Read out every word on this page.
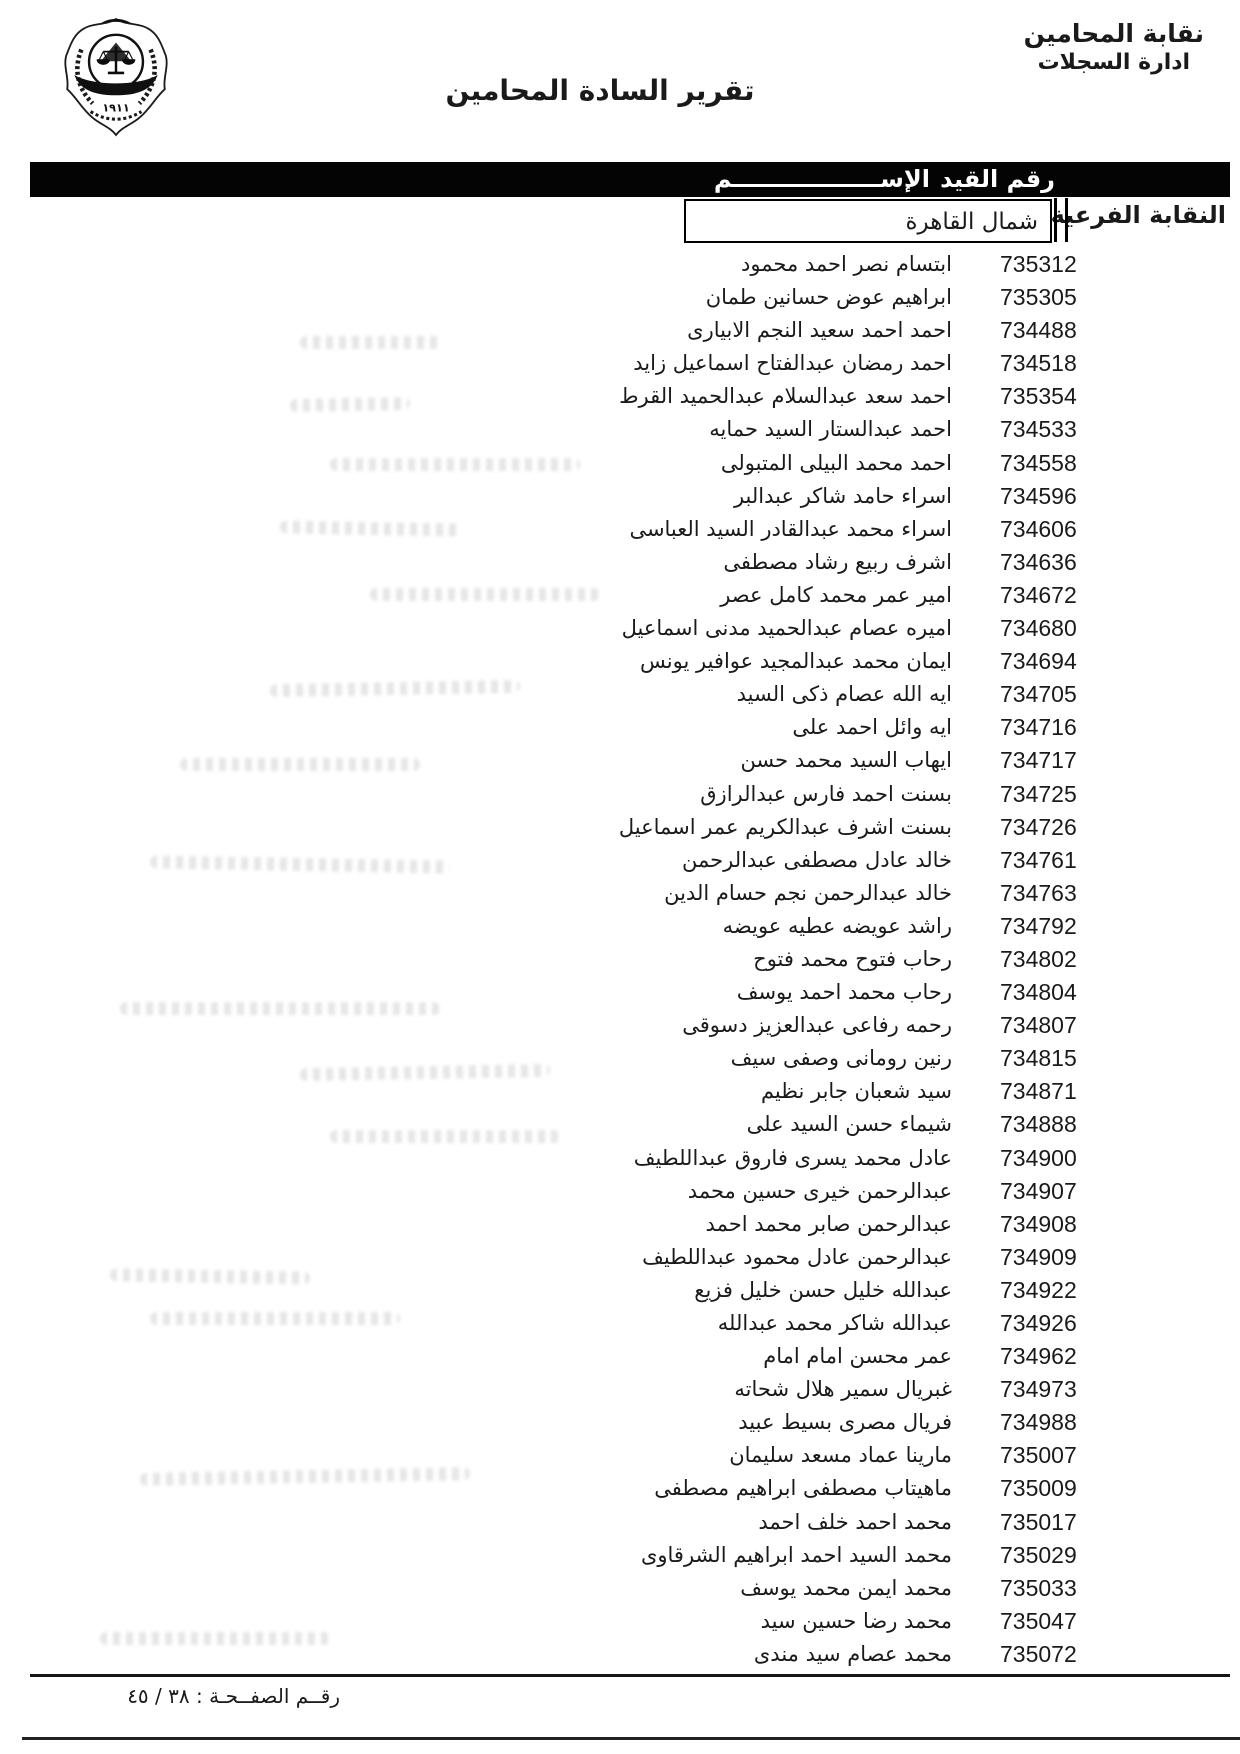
١٩١١
نقابة المحامين
ادارة السجلات
تقرير السادة المحامين
رقم القيد
الإســــــــــــــــــم
النقابة الفرعية
شمال القاهرة
ابتسام نصر احمد محمود 735312
ابراهيم عوض حسانين طمان 735305
احمد احمد سعيد النجم الابيارى 734488
احمد رمضان عبدالفتاح اسماعيل زايد 734518
احمد سعد عبدالسلام عبدالحميد القرط 735354
احمد عبدالستار السيد حمايه 734533
احمد محمد البيلى المتبولى 734558
اسراء حامد شاكر عبدالبر 734596
اسراء محمد عبدالقادر السيد العباسى 734606
اشرف ربيع رشاد مصطفى 734636
امير عمر محمد كامل عصر 734672
اميره عصام عبدالحميد مدنى اسماعيل 734680
ايمان محمد عبدالمجيد عوافير يونس 734694
ايه الله عصام ذكى السيد 734705
ايه وائل احمد على 734716
ايهاب السيد محمد حسن 734717
بسنت احمد فارس عبدالرازق 734725
بسنت اشرف عبدالكريم عمر اسماعيل 734726
خالد عادل مصطفى عبدالرحمن 734761
خالد عبدالرحمن نجم حسام الدين 734763
راشد عويضه عطيه عويضه 734792
رحاب فتوح محمد فتوح 734802
رحاب محمد احمد يوسف 734804
رحمه رفاعى عبدالعزيز دسوقى 734807
رنين رومانى وصفى سيف 734815
سيد شعبان جابر نظيم 734871
شيماء حسن السيد على 734888
عادل محمد يسرى فاروق عبداللطيف 734900
عبدالرحمن خيرى حسين محمد 734907
عبدالرحمن صابر محمد احمد 734908
عبدالرحمن عادل محمود عبداللطيف 734909
عبدالله خليل حسن خليل فزيع 734922
عبدالله شاكر محمد عبدالله 734926
عمر محسن امام امام 734962
غبريال سمير هلال شحاته 734973
فريال مصرى بسيط عبيد 734988
مارينا عماد مسعد سليمان 735007
ماهيتاب مصطفى ابراهيم مصطفى 735009
محمد احمد خلف احمد 735017
محمد السيد احمد ابراهيم الشرقاوى 735029
محمد ايمن محمد يوسف 735033
محمد رضا حسين سيد 735047
محمد عصام سيد مندى 735072
رقــم الصفــحـة : ٣٨ / ٤٥
